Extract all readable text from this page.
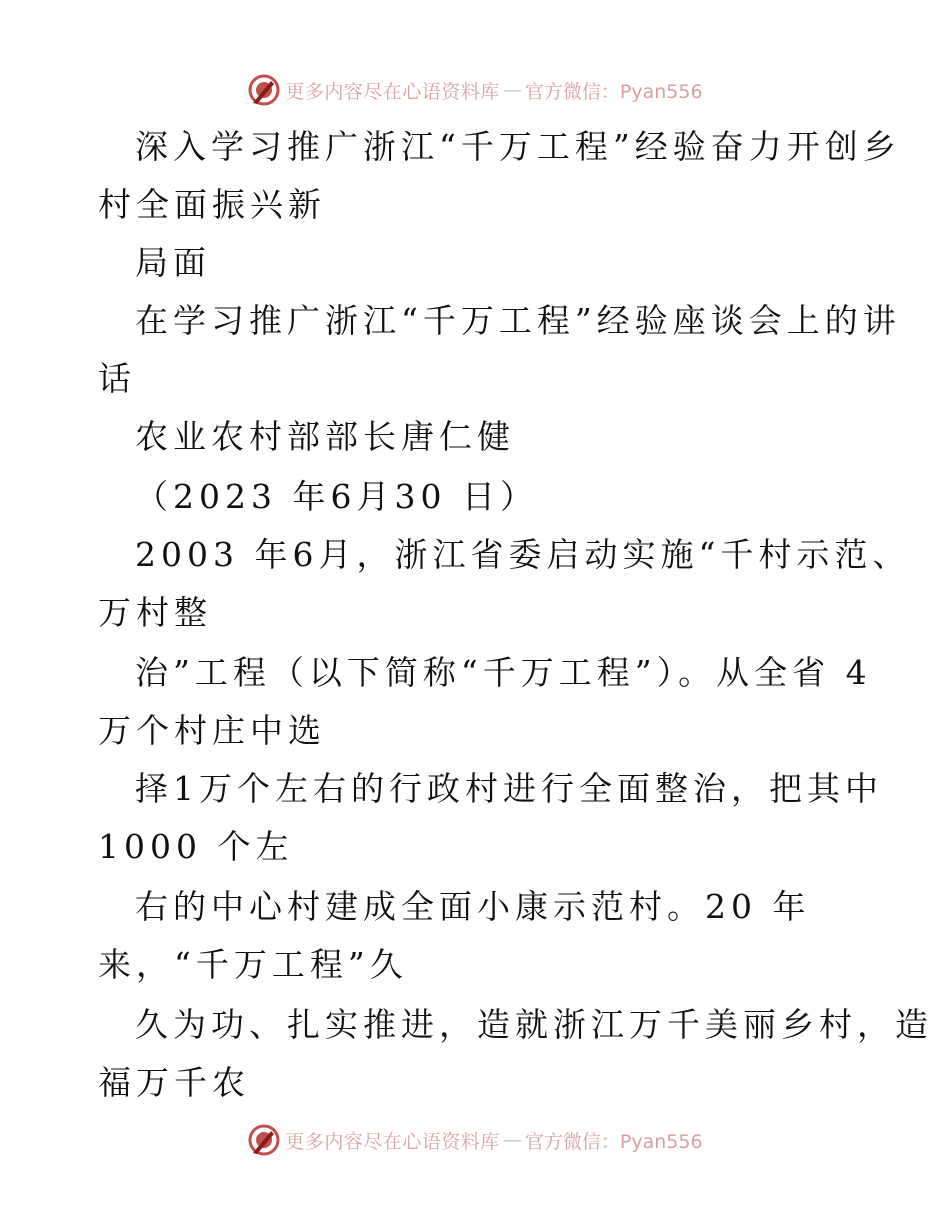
更多内容尽在心语资料库 — 官方微信：Pyan556
深入学习推广浙江“千万工程”经验奋力开创乡
村全面振兴新
局面
在学习推广浙江“千万工程”经验座谈会上的讲
话
农业农村部部长唐仁健
（2023 年6月30 日）
2003 年6月，浙江省委启动实施“千村示范、
万村整
治”工程（以下简称“千万工程”）。从全省 4
万个村庄中选
择1万个左右的行政村进行全面整治，把其中
1000 个左
右的中心村建成全面小康示范村。20 年
来，“千万工程”久
久为功、扎实推进，造就浙江万千美丽乡村，造
福万千农
更多内容尽在心语资料库 — 官方微信：Pyan556
